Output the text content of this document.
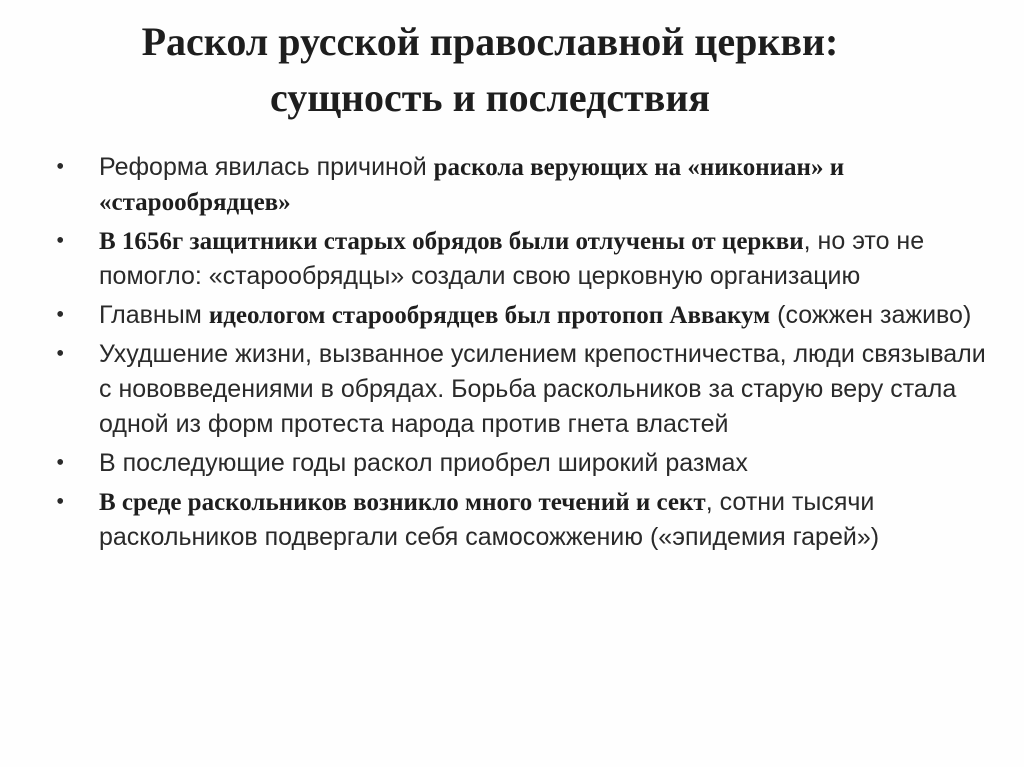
Раскол русской православной церкви:
сущность и последствия
•	Реформа явилась причиной раскола верующих на «никониан» и «старообрядцев»
•	В 1656г защитники старых обрядов были отлучены от церкви, но это не помогло: «старообрядцы» создали свою церковную организацию
•	Главным идеологом старообрядцев был протопоп Аввакум (сожжен заживо)
•	Ухудшение жизни, вызванное усилением крепостничества, люди связывали с нововведениями в обрядах. Борьба раскольников за старую веру стала одной из форм протеста народа против гнета властей
•	В последующие годы раскол приобрел широкий размах
•	В среде раскольников возникло много течений и сект, сотни тысячи раскольников подвергали себя самосожжению («эпидемия гарей»)
